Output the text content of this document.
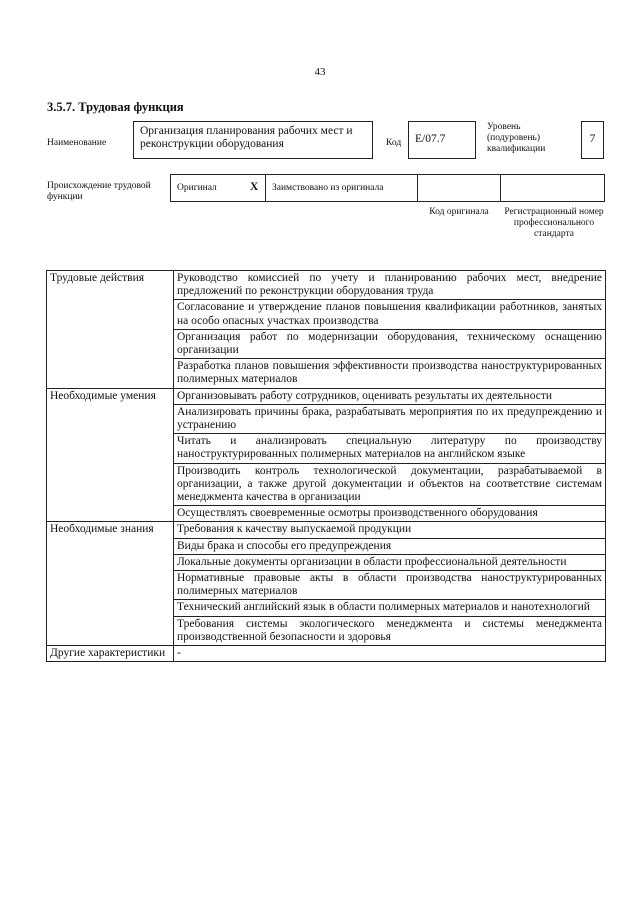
43
3.5.7. Трудовая функция
Наименование
Организация планирования рабочих мест и реконструкции оборудования	Код	E/07.7
Уровень (подуровень) квалификации
7
Происхождение трудовой функции
Оригинал	X Заимствовано из оригинала
Код оригинала	Регистрационный номер профессионального стандарта
Трудовые действия	Руководство комиссией по учету и планированию рабочих мест, внедрение предложений по реконструкции оборудования труда
	Согласование и утверждение планов повышения квалификации работников, занятых на особо опасных участках производства
	Организация работ по модернизации оборудования, техническому оснащению организации
	Разработка планов повышения эффективности производства наноструктурированных полимерных материалов
Необходимые умения	Организовывать работу сотрудников, оценивать результаты их деятельности
	Анализировать причины брака, разрабатывать мероприятия по их предупреждению и устранению
	Читать и анализировать специальную литературу по производству наноструктурированных полимерных материалов на английском языке
	Производить контроль технологической документации, разрабатываемой в организации, а также другой документации и объектов на соответствие системам менеджмента качества в организации
	Осуществлять своевременные осмотры производственного оборудования
Необходимые знания	Требования к качеству выпускаемой продукции
	Виды брака и способы его предупреждения
	Локальные документы организации в области профессиональной деятельности
	Нормативные правовые акты в области производства наноструктурированных полимерных материалов
	Технический английский язык в области полимерных материалов и нанотехнологий
	Требования системы экологического менеджмента и системы менеджмента производственной безопасности и здоровья
Другие характеристики	-
